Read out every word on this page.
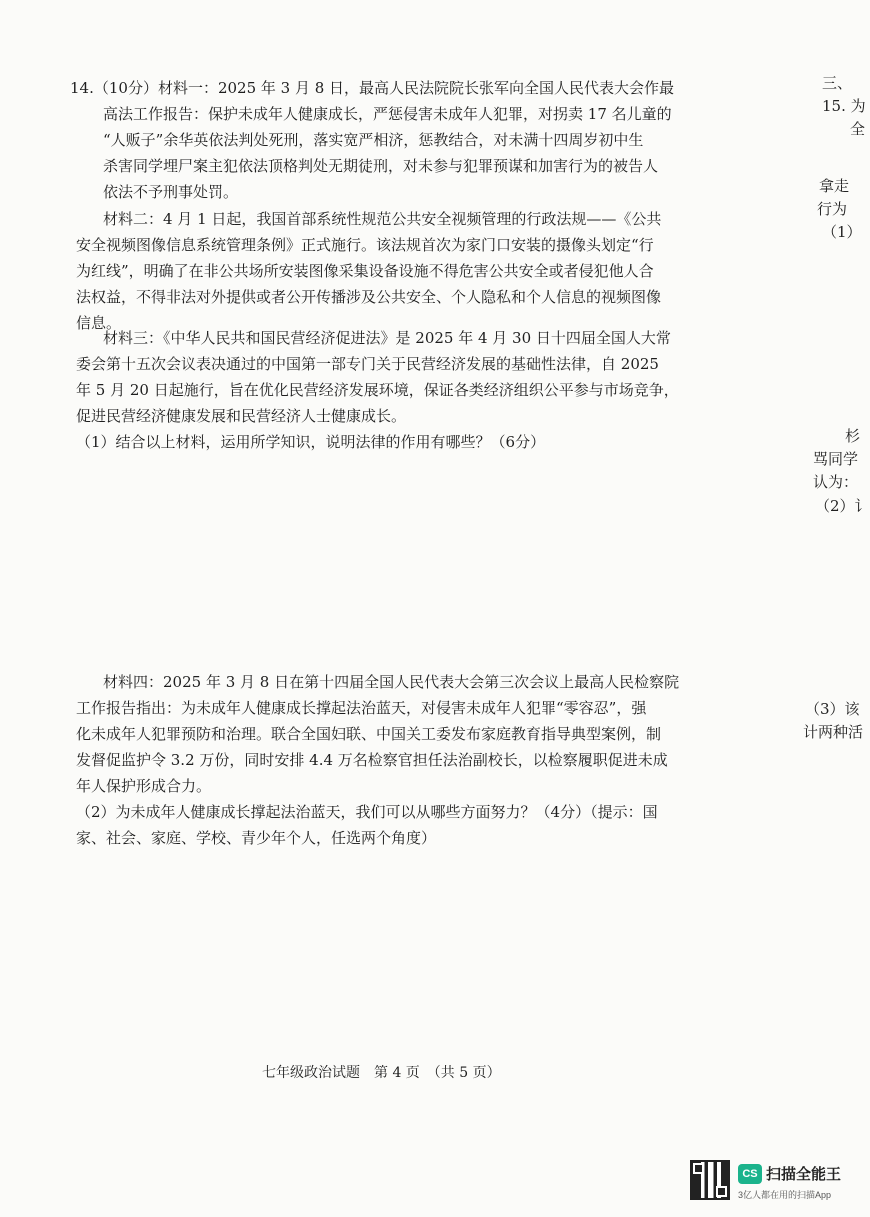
14.（10分）材料一：2025 年 3 月 8 日，最高人民法院院长张军向全国人民代表大会作最
高法工作报告：保护未成年人健康成长，严惩侵害未成年人犯罪，对拐卖 17 名儿童的
“人贩子”余华英依法判处死刑，落实宽严相济，惩教结合，对未满十四周岁初中生
杀害同学埋尸案主犯依法顶格判处无期徒刑，对未参与犯罪预谋和加害行为的被告人
依法不予刑事处罚。
材料二：4 月 1 日起，我国首部系统性规范公共安全视频管理的行政法规——《公共
安全视频图像信息系统管理条例》正式施行。该法规首次为家门口安装的摄像头划定“行
为红线”，明确了在非公共场所安装图像采集设备设施不得危害公共安全或者侵犯他人合
法权益，不得非法对外提供或者公开传播涉及公共安全、个人隐私和个人信息的视频图像
信息。
材料三：《中华人民共和国民营经济促进法》是 2025 年 4 月 30 日十四届全国人大常
委会第十五次会议表决通过的中国第一部专门关于民营经济发展的基础性法律，自 2025
年 5 月 20 日起施行，旨在优化民营经济发展环境，保证各类经济组织公平参与市场竞争，
促进民营经济健康发展和民营经济人士健康成长。
（1）结合以上材料，运用所学知识，说明法律的作用有哪些？（6分）
材料四：2025 年 3 月 8 日在第十四届全国人民代表大会第三次会议上最高人民检察院
工作报告指出：为未成年人健康成长撑起法治蓝天，对侵害未成年人犯罪“零容忍”，强
化未成年人犯罪预防和治理。联合全国妇联、中国关工委发布家庭教育指导典型案例，制
发督促监护令 3.2 万份，同时安排 4.4 万名检察官担任法治副校长，以检察履职促进未成
年人保护形成合力。
（2）为未成年人健康成长撑起法治蓝天，我们可以从哪些方面努力？（4分）（提示：国
家、社会、家庭、学校、青少年个人，任选两个角度）
七年级政治试题　第 4 页　（共 5 页）
三、
15. 为
全
拿走
行为
（1）
杉
骂同学
认为：
（2）讠
（3）该
计两种活
CS 扫描全能王
3亿人都在用的扫描App
